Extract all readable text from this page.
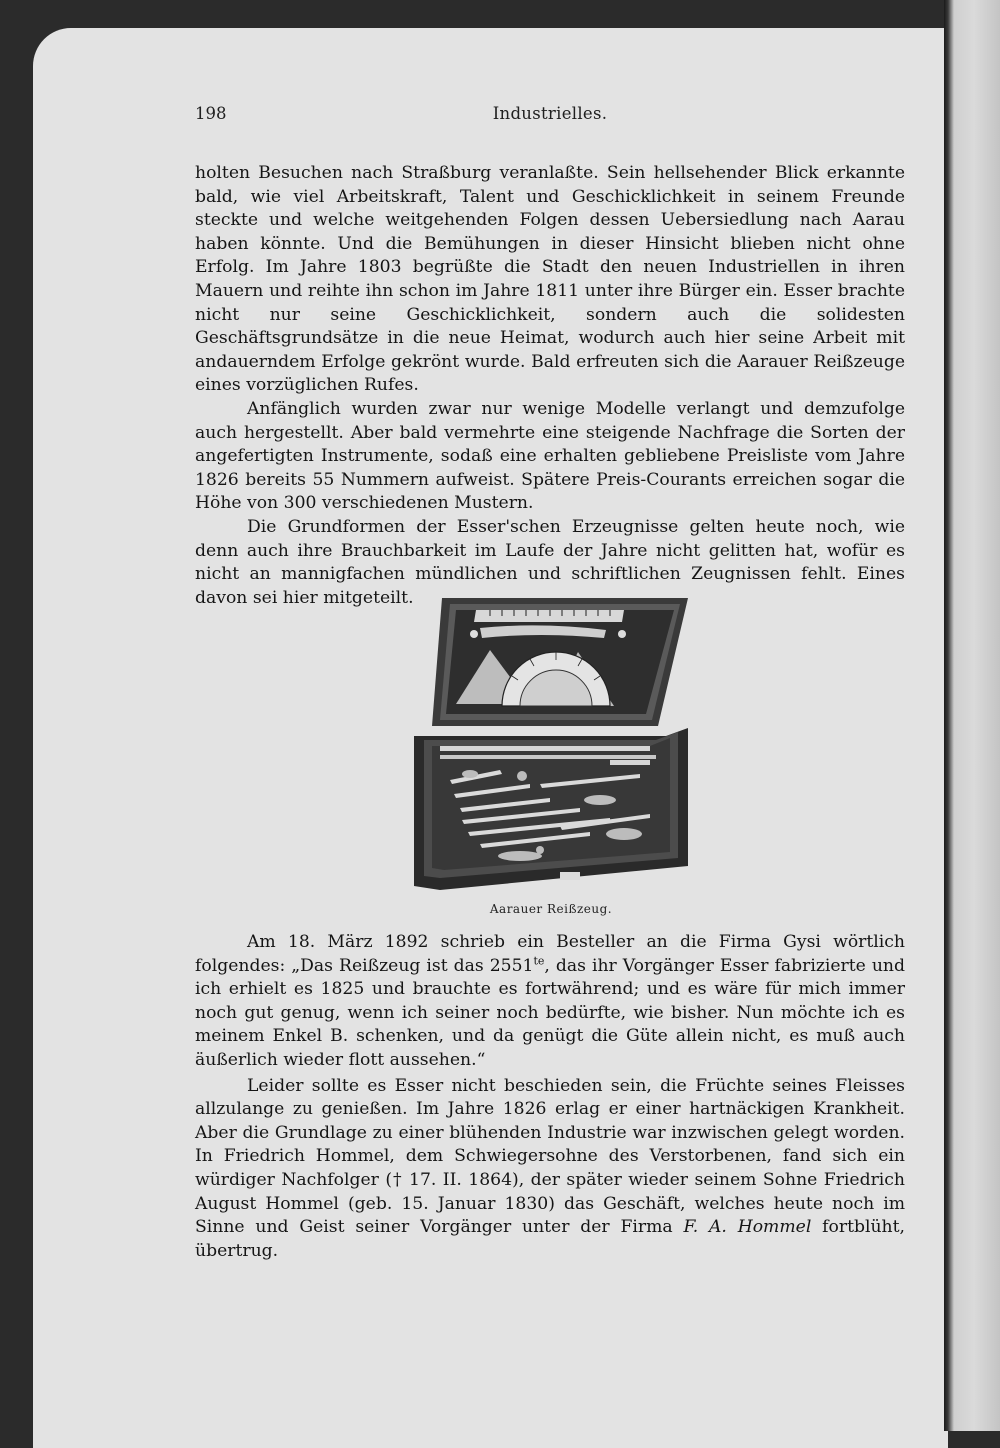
198	Industrielles.

holten Besuchen nach Straßburg veranlaßte. Sein hellsehender Blick erkannte bald, wie viel Arbeitskraft, Talent und Geschicklichkeit in seinem Freunde steckte und welche weitgehenden Folgen dessen Uebersiedlung nach Aarau haben könnte. Und die Bemühungen in dieser Hinsicht blieben nicht ohne Erfolg. Im Jahre 1803 begrüßte die Stadt den neuen Industriellen in ihren Mauern und reihte ihn schon im Jahre 1811 unter ihre Bürger ein. Esser brachte nicht nur seine Geschicklichkeit, sondern auch die solidesten Geschäftsgrundsätze in die neue Heimat, wodurch auch hier seine Arbeit mit andauerndem Erfolge gekrönt wurde. Bald erfreuten sich die Aarauer Reißzeuge eines vorzüglichen Rufes.

Anfänglich wurden zwar nur wenige Modelle verlangt und demzufolge auch hergestellt. Aber bald vermehrte eine steigende Nachfrage die Sorten der angefertigten Instrumente, sodaß eine erhalten gebliebene Preisliste vom Jahre 1826 bereits 55 Nummern aufweist. Spätere Preis-Courants erreichen sogar die Höhe von 300 verschiedenen Mustern.

Die Grundformen der Esser'schen Erzeugnisse gelten heute noch, wie denn auch ihre Brauchbarkeit im Laufe der Jahre nicht gelitten hat, wofür es nicht an mannigfachen mündlichen und schriftlichen Zeugnissen fehlt. Eines davon sei hier mitgeteilt.

Aarauer Reißzeug.

Am 18. März 1892 schrieb ein Besteller an die Firma Gysi wörtlich folgendes: „Das Reißzeug ist das $2551^{te}$, das ihr Vorgänger Esser fabrizierte und ich erhielt es 1825 und brauchte es fortwährend; und es wäre für mich immer noch gut genug, wenn ich seiner noch bedürfte, wie bisher. Nun möchte ich es meinem Enkel B. schenken, und da genügt die Güte allein nicht, es muß auch äußerlich wieder flott aussehen.“

Leider sollte es Esser nicht beschieden sein, die Früchte seines Fleisses allzulange zu genießen. Im Jahre 1826 erlag er einer hartnäckigen Krankheit. Aber die Grundlage zu einer blühenden Industrie war inzwischen gelegt worden. In Friedrich Hommel, dem Schwiegersohne des Verstorbenen, fand sich ein würdiger Nachfolger († 17. II. 1864), der später wieder seinem Sohne Friedrich August Hommel (geb. 15. Januar 1830) das Geschäft, welches heute noch im Sinne und Geist seiner Vorgänger unter der Firma F. A. Hommel fortblüht, übertrug.
